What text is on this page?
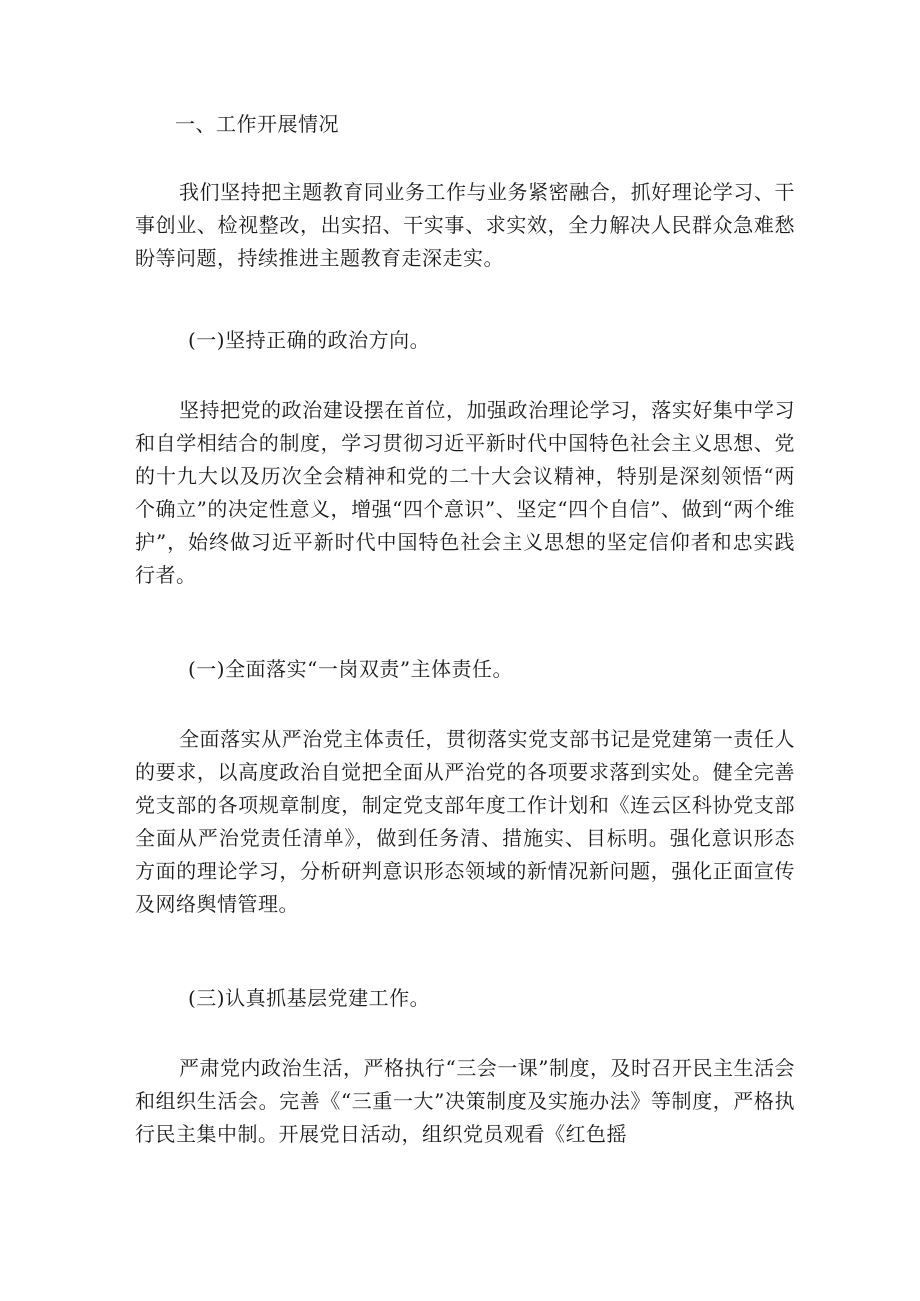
一、工作开展情况

我们坚持把主题教育同业务工作与业务紧密融合，抓好理论学习、干事创业、检视整改，出实招、干实事、求实效，全力解决人民群众急难愁盼等问题，持续推进主题教育走深走实。

(一)坚持正确的政治方向。

坚持把党的政治建设摆在首位，加强政治理论学习，落实好集中学习和自学相结合的制度，学习贯彻习近平新时代中国特色社会主义思想、党的十九大以及历次全会精神和党的二十大会议精神，特别是深刻领悟“两个确立”的决定性意义，增强“四个意识”、坚定“四个自信”、做到“两个维护”，始终做习近平新时代中国特色社会主义思想的坚定信仰者和忠实践行者。

(一)全面落实“一岗双责”主体责任。

全面落实从严治党主体责任，贯彻落实党支部书记是党建第一责任人的要求，以高度政治自觉把全面从严治党的各项要求落到实处。健全完善党支部的各项规章制度，制定党支部年度工作计划和《连云区科协党支部全面从严治党责任清单》，做到任务清、措施实、目标明。强化意识形态方面的理论学习，分析研判意识形态领域的新情况新问题，强化正面宣传及网络舆情管理。

(三)认真抓基层党建工作。

严肃党内政治生活，严格执行“三会一课”制度，及时召开民主生活会和组织生活会。完善《“三重一大”决策制度及实施办法》等制度，严格执行民主集中制。开展党日活动，组织党员观看《红色摇
